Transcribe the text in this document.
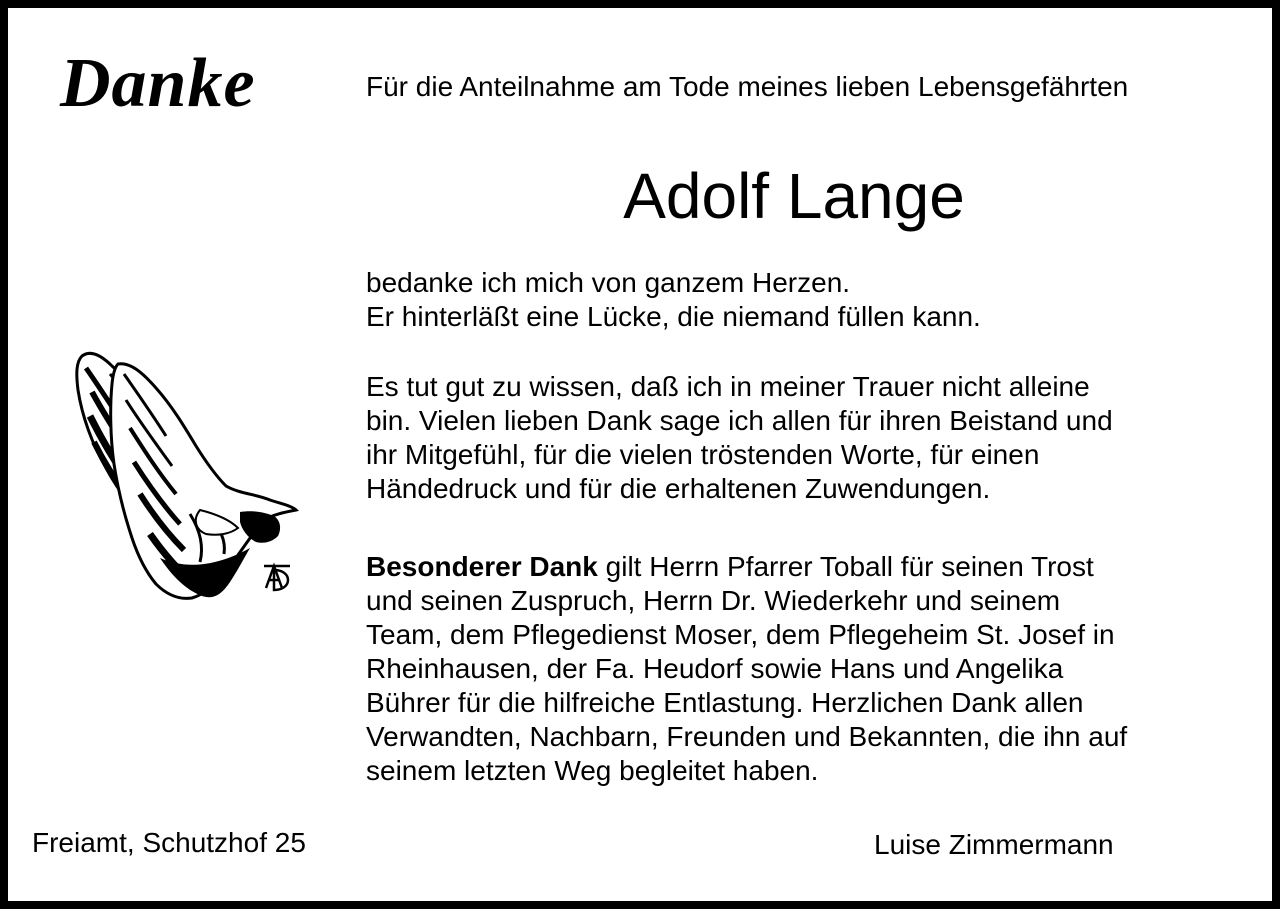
Danke	Für die Anteilnahme am Tode meines lieben Lebensgefährten
Adolf Lange

bedanke ich mich von ganzem Herzen.

Er hinterläßt eine Lücke, die niemand füllen kann.

Es tut gut zu wissen, daß ich in meiner Trauer nicht alleine

bin. Vielen lieben Dank sage ich allen für ihren Beistand und

ihr Mitgefühl, für die vielen tröstenden Worte, für einen

Händedruck und für die erhaltenen Zuwendungen.

Besonderer Dank gilt Herrn Pfarrer Toball für seinen Trost

und seinen Zuspruch, Herrn Dr. Wiederkehr und seinem

Team, dem Pflegedienst Moser, dem Pflegeheim St. Josef in

Rheinhausen, der Fa. Heudorf sowie Hans und Angelika

Bührer für die hilfreiche Entlastung. Herzlichen Dank allen

Verwandten, Nachbarn, Freunden und Bekannten, die ihn auf

seinem letzten Weg begleitet haben.

Freiamt, Schutzhof 25	Luise Zimmermann
